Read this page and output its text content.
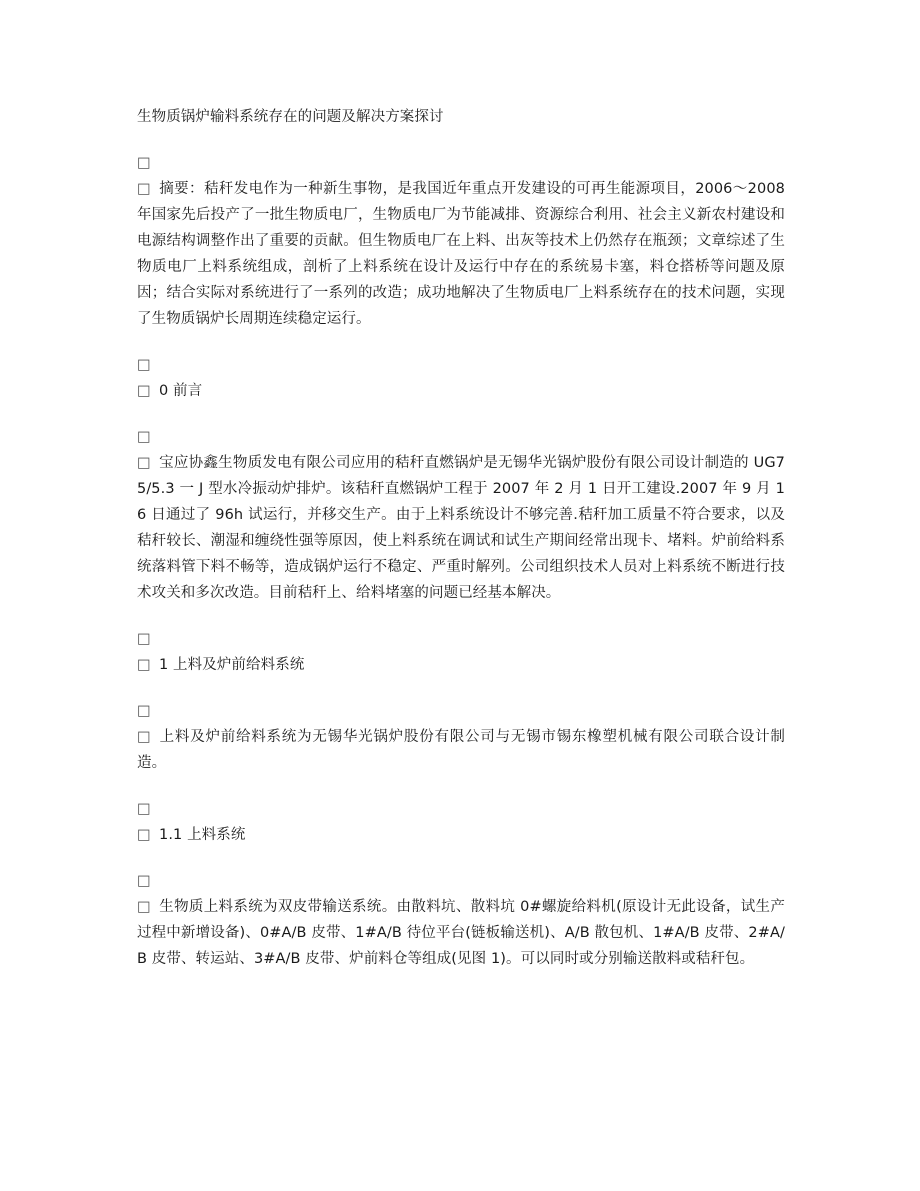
生物质锅炉输料系统存在的问题及解决方案探讨

□□ 摘要：秸秆发电作为一种新生事物，是我国近年重点开发建设的可再生能源项目，2006～2008 年国家先后投产了一批生物质电厂，生物质电厂为节能减排、资源综合利用、社会主义新农村建设和电源结构调整作出了重要的贡献。但生物质电厂在上料、出灰等技术上仍然存在瓶颈；文章综述了生物质电厂上料系统组成，剖析了上料系统在设计及运行中存在的系统易卡塞，料仓搭桥等问题及原因；结合实际对系统进行了一系列的改造；成功地解决了生物质电厂上料系统存在的技术问题，实现了生物质锅炉长周期连续稳定运行。

□□ 0 前言

□□ 宝应协鑫生物质发电有限公司应用的秸秆直燃锅炉是无锡华光锅炉股份有限公司设计制造的 UG75/5.3 一 J 型水冷振动炉排炉。该秸秆直燃锅炉工程于 2007 年 2 月 1 日开工建设.2007 年 9 月 16 日通过了 96h 试运行，并移交生产。由于上料系统设计不够完善.秸秆加工质量不符合要求，以及秸秆较长、潮湿和缠绕性强等原因，使上料系统在调试和试生产期间经常出现卡、堵料。炉前给料系统落料管下料不畅等，造成锅炉运行不稳定、严重时解列。公司组织技术人员对上料系统不断进行技术攻关和多次改造。目前秸秆上、给料堵塞的问题已经基本解决。

□□ 1 上料及炉前给料系统

□□ 上料及炉前给料系统为无锡华光锅炉股份有限公司与无锡市锡东橡塑机械有限公司联合设计制造。

□□ 1.1 上料系统

□□ 生物质上料系统为双皮带输送系统。由散料坑、散料坑 0#螺旋给料机(原设计无此设备，试生产过程中新增设备)、0#A/B 皮带、1#A/B 待位平台(链板输送机)、A/B 散包机、1#A/B 皮带、2#A/B 皮带、转运站、3#A/B 皮带、炉前料仓等组成(见图 1)。可以同时或分别输送散料或秸秆包。
